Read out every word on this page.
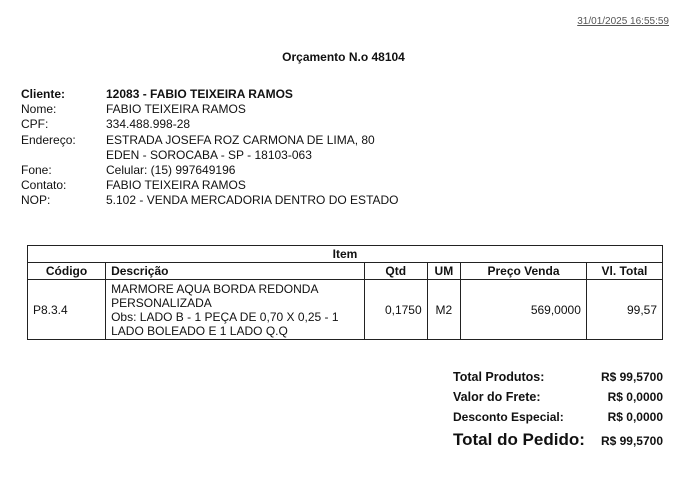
31/01/2025 16:55:59
Orçamento N.o 48104
Cliente:	12083 - FABIO TEIXEIRA RAMOS
Nome:	FABIO TEIXEIRA RAMOS
CPF:	334.488.998-28
Endereço:	ESTRADA JOSEFA ROZ CARMONA DE LIMA, 80
EDEN - SOROCABA - SP - 18103-063
Fone:	Celular: (15) 997649196
Contato:	FABIO TEIXEIRA RAMOS
NOP:	5.102 - VENDA MERCADORIA DENTRO DO ESTADO
Item					
Código	Descrição	Qtd	UM	Preço Venda	Vl. Total
P8.3.4	MARMORE AQUA BORDA REDONDA
PERSONALIZADA
Obs: LADO B - 1 PEÇA DE 0,70 X 0,25 - 1
LADO BOLEADO E 1 LADO Q.Q	0,1750	M2	569,0000	99,57
Total Produtos:	R$ 99,5700
Valor do Frete:	R$ 0,0000
Desconto Especial:	R$ 0,0000
Total do Pedido: R$ 99,5700
